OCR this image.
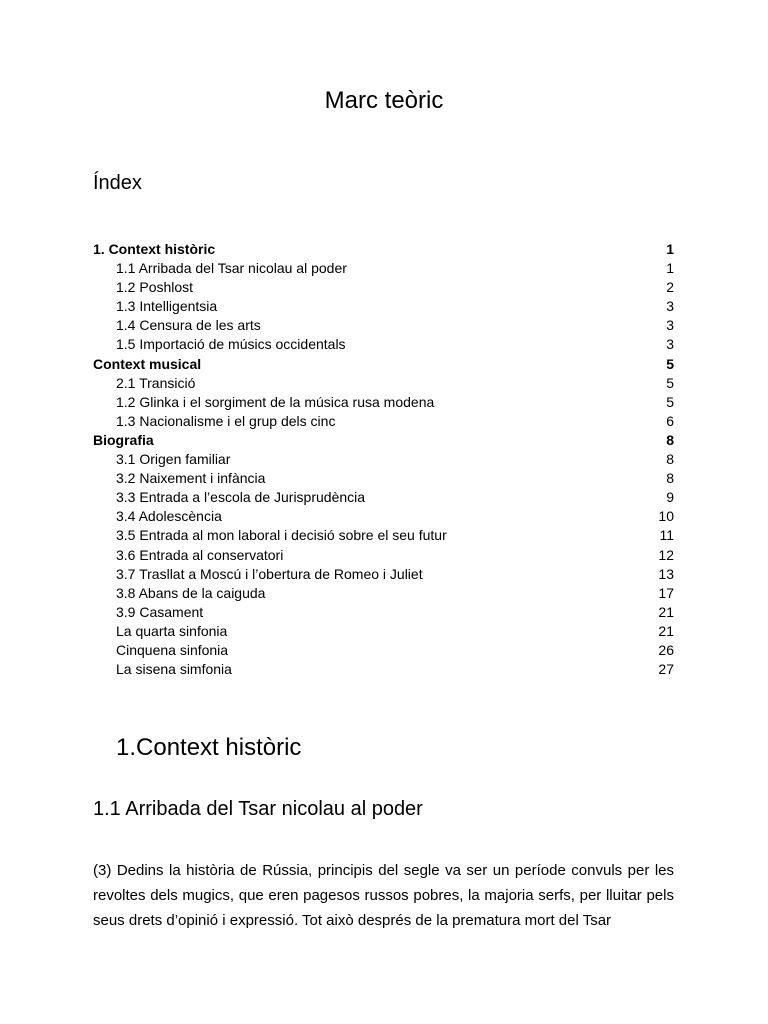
Marc teòric
Índex
1. Context històric	1
1.1 Arribada del Tsar nicolau al poder	1
1.2 Poshlost	2
1.3 Intelligentsia	3
1.4 Censura de les arts	3
1.5 Importació de músics occidentals	3
Context musical	5
2.1 Transició	5
1.2 Glinka i el sorgiment de la música rusa modena	5
1.3 Nacionalisme i el grup dels cinc	6
Biografia	8
3.1 Origen familiar	8
3.2 Naixement i infància	8
3.3 Entrada a l’escola de Jurisprudència	9
3.4 Adolescència	10
3.5 Entrada al mon laboral i decisió sobre el seu futur	11
3.6 Entrada al conservatori	12
3.7 Trasllat a Moscú i l’obertura de Romeo i Juliet	13
3.8 Abans de la caiguda	17
3.9 Casament	21
La quarta sinfonia	21
Cinquena sinfonia	26
La sisena simfonia	27
1.Context històric
1.1 Arribada del Tsar nicolau al poder

(3) Dedins la història de Rússia, principis del segle va ser un període convuls per les revoltes dels mugics, que eren pagesos russos pobres, la majoria serfs, per lluitar pels seus drets d’opinió i expressió. Tot això després de la prematura mort del Tsar
